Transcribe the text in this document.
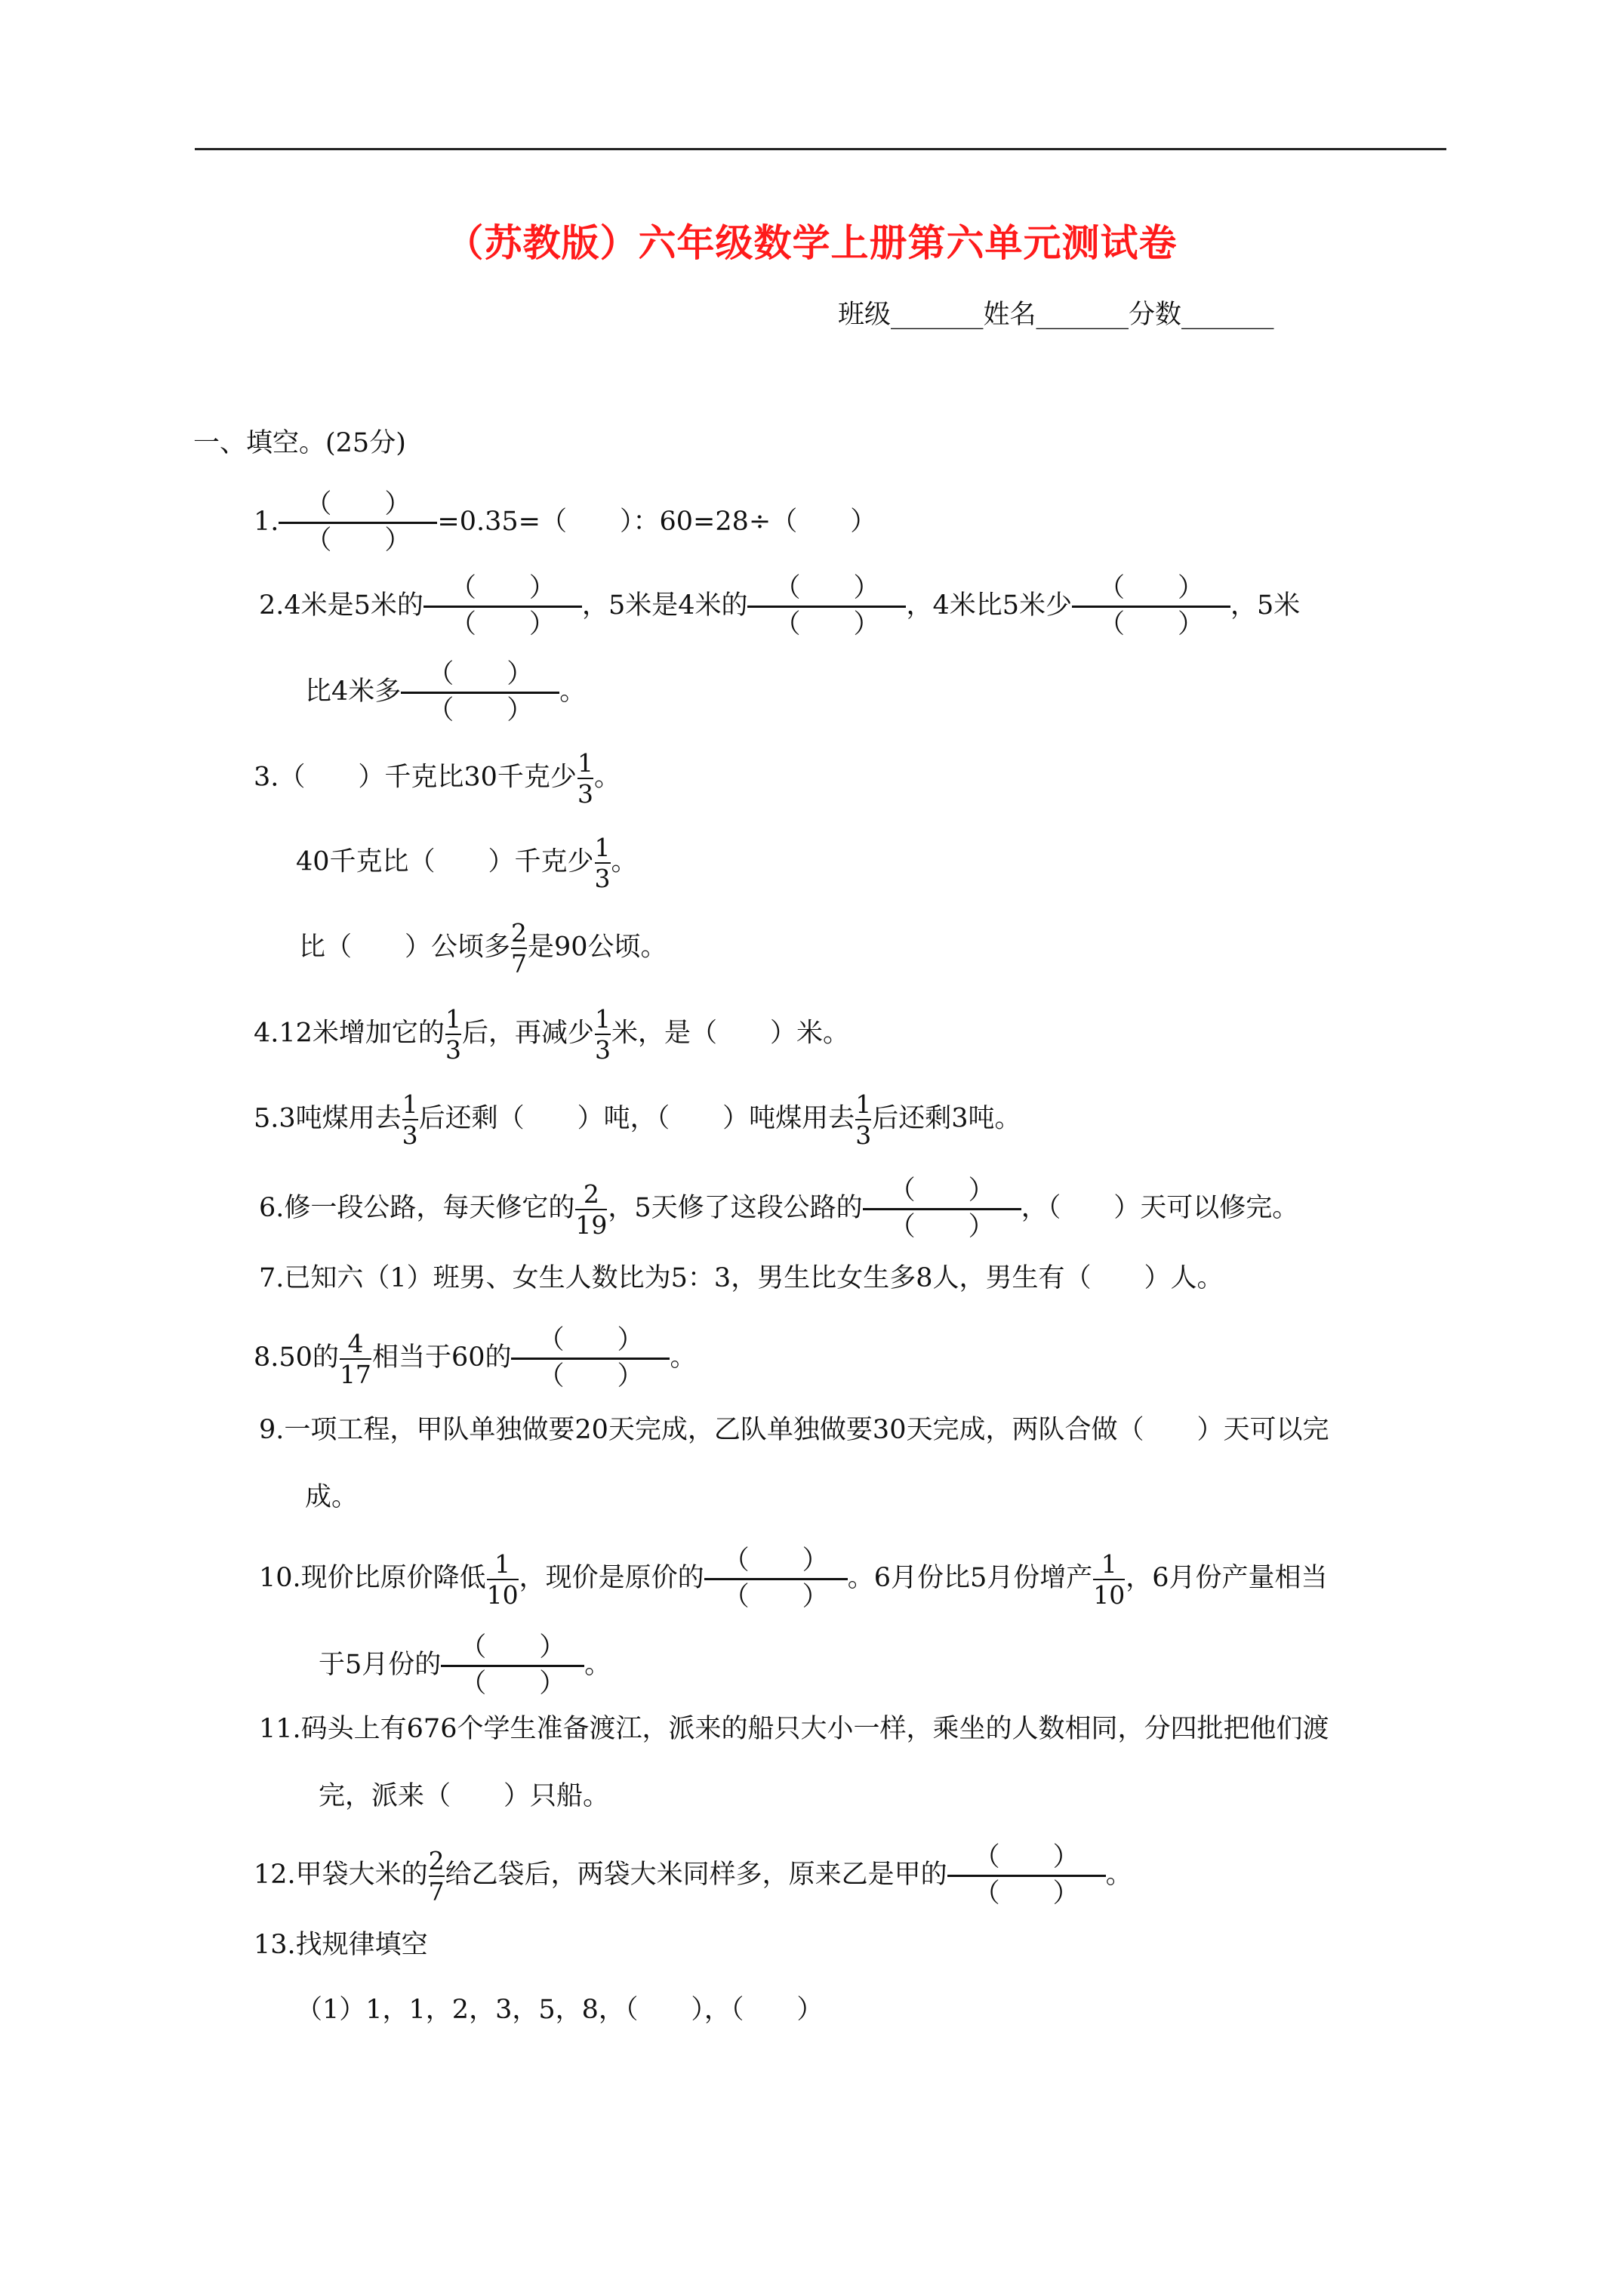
（苏教版）六年级数学上册第六单元测试卷
班级_______姓名_______分数_______
一、填空。(25分)
1. $\frac{( )}{( )} =0.35=$（　　）：60=28÷（　　）
2.4米是5米的 $\frac{( )}{( )}$ ，5米是4米的 $\frac{( )}{( )}$ ，4米比5米少 $\frac{( )}{( )}$ ，5米
比4米多 $\frac{( )}{( )}$ 。
3.（　　）千克比30千克少 $\frac{1}{3}$ 。
40千克比（　　）千克少 $\frac{1}{3}$ 。
比（　　）公顷多 $\frac{2}{7}$ 是90公顷。
4.12米增加它的 $\frac{1}{3}$ 后，再减少 $\frac{1}{3}$ 米，是（　　）米。
5.3吨煤用去 $\frac{1}{3}$ 后还剩（　　）吨，（　　）吨煤用去 $\frac{1}{3}$ 后还剩3吨。
6.修一段公路，每天修它的 $\frac{2}{19}$ ，5天修了这段公路的 $\frac{( )}{( )}$ ，（　　）天可以修完。
7.已知六（1）班男、女生人数比为5：3，男生比女生多8人，男生有（　　）人。
8.50的 $\frac{4}{17}$ 相当于60的 $\frac{( )}{( )}$ 。
9.一项工程，甲队单独做要20天完成，乙队单独做要30天完成，两队合做（　　）天可以完
成。
10.现价比原价降低 $\frac{1}{10}$ ，现价是原价的 $\frac{( )}{( )}$ 。6月份比5月份增产 $\frac{1}{10}$ ，6月份产量相当
于5月份的 $\frac{( )}{( )}$ 。
11.码头上有676个学生准备渡江，派来的船只大小一样，乘坐的人数相同，分四批把他们渡
完，派来（　　）只船。
12.甲袋大米的 $\frac{2}{7}$ 给乙袋后，两袋大米同样多，原来乙是甲的 $\frac{( )}{( )}$ 。
13.找规律填空
（1）1，1，2，3，5，8，（　　），（　　）
